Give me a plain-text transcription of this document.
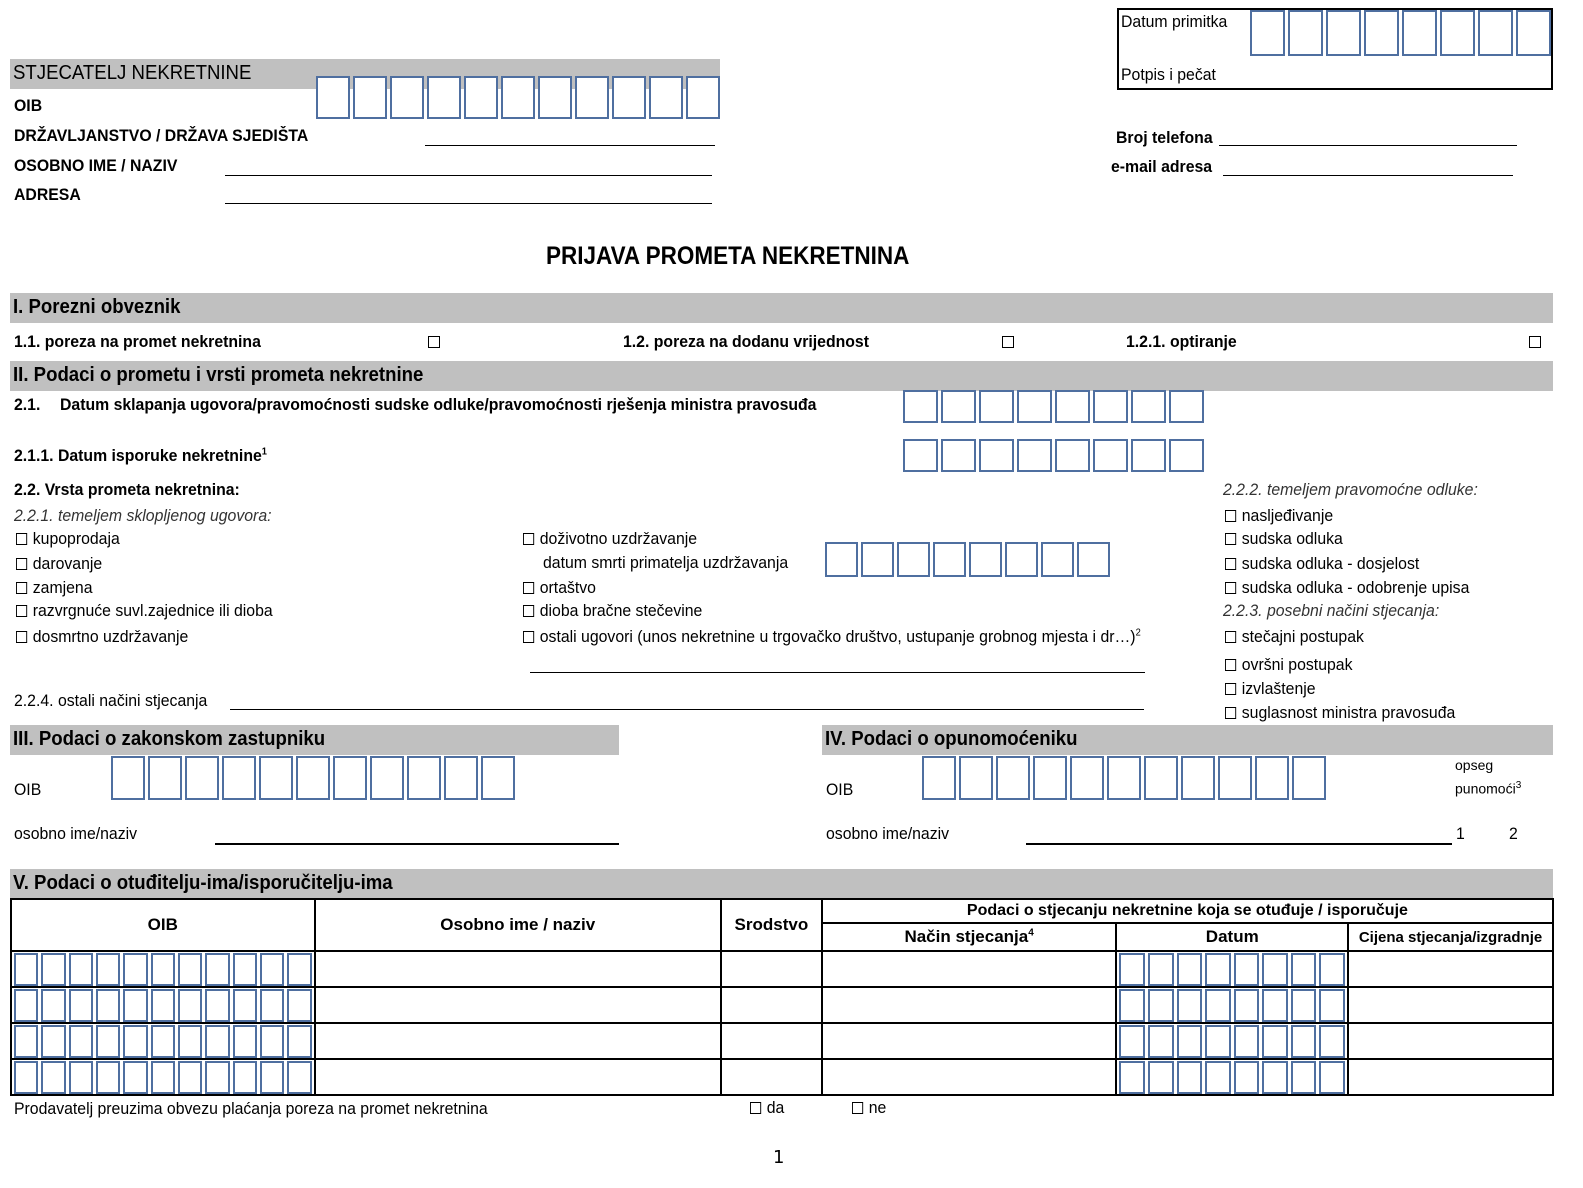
Datum primitka
Potpis i pečat
STJECATELJ NEKRETNINE
OIB
DRŽAVLJANSTVO / DRŽAVA SJEDIŠTA
OSOBNO IME / NAZIV
ADRESA
Broj telefona
e-mail adresa
PRIJAVA PROMETA NEKRETNINA
I. Porezni obveznik
1.1. poreza na promet nekretnina	1.2. poreza na dodanu vrijednost	1.2.1. optiranje
II. Podaci o prometu i vrsti prometa nekretnine
2.1. Datum sklapanja ugovora/pravomoćnosti sudske odluke/pravomoćnosti rješenja ministra pravosuđa
2.1.1. Datum isporuke nekretnine$^1$
2.2. Vrsta prometa nekretnina:
2.2.1. temeljem sklopljenog ugovora:
kupoprodaja
darovanje
zamjena
razvrgnuće suvl.zajednice ili dioba
dosmrtno uzdržavanje
doživotno uzdržavanje
datum smrti primatelja uzdržavanja
ortaštvo
dioba bračne stečevine
ostali ugovori (unos nekretnine u trgovačko društvo, ustupanje grobnog mjesta i dr…)$^2$
2.2.2. temeljem pravomoćne odluke:
nasljeđivanje
sudska odluka
sudska odluka - dosjelost
sudska odluka - odobrenje upisa
2.2.3. posebni načini stjecanja:
stečajni postupak
ovršni postupak
izvlaštenje
suglasnost ministra pravosuđa
2.2.4. ostali načini stjecanja
III. Podaci o zakonskom zastupniku
OIB
osobno ime/naziv
IV. Podaci o opunomoćeniku
OIB
opseg
punomoći$^3$
osobno ime/naziv	1	2
V. Podaci o otuđitelju-ima/isporučitelju-ima
OIB	Osobno ime / naziv	Srodstvo	Podaci o stjecanju nekretnine koja se otuđuje / isporučuje		
			Način stjecanja$^4$	Datum	Cijena stjecanja/izgradnje

Prodavatelj preuzima obvezu plaćanja poreza na promet nekretnina	da	ne
1
